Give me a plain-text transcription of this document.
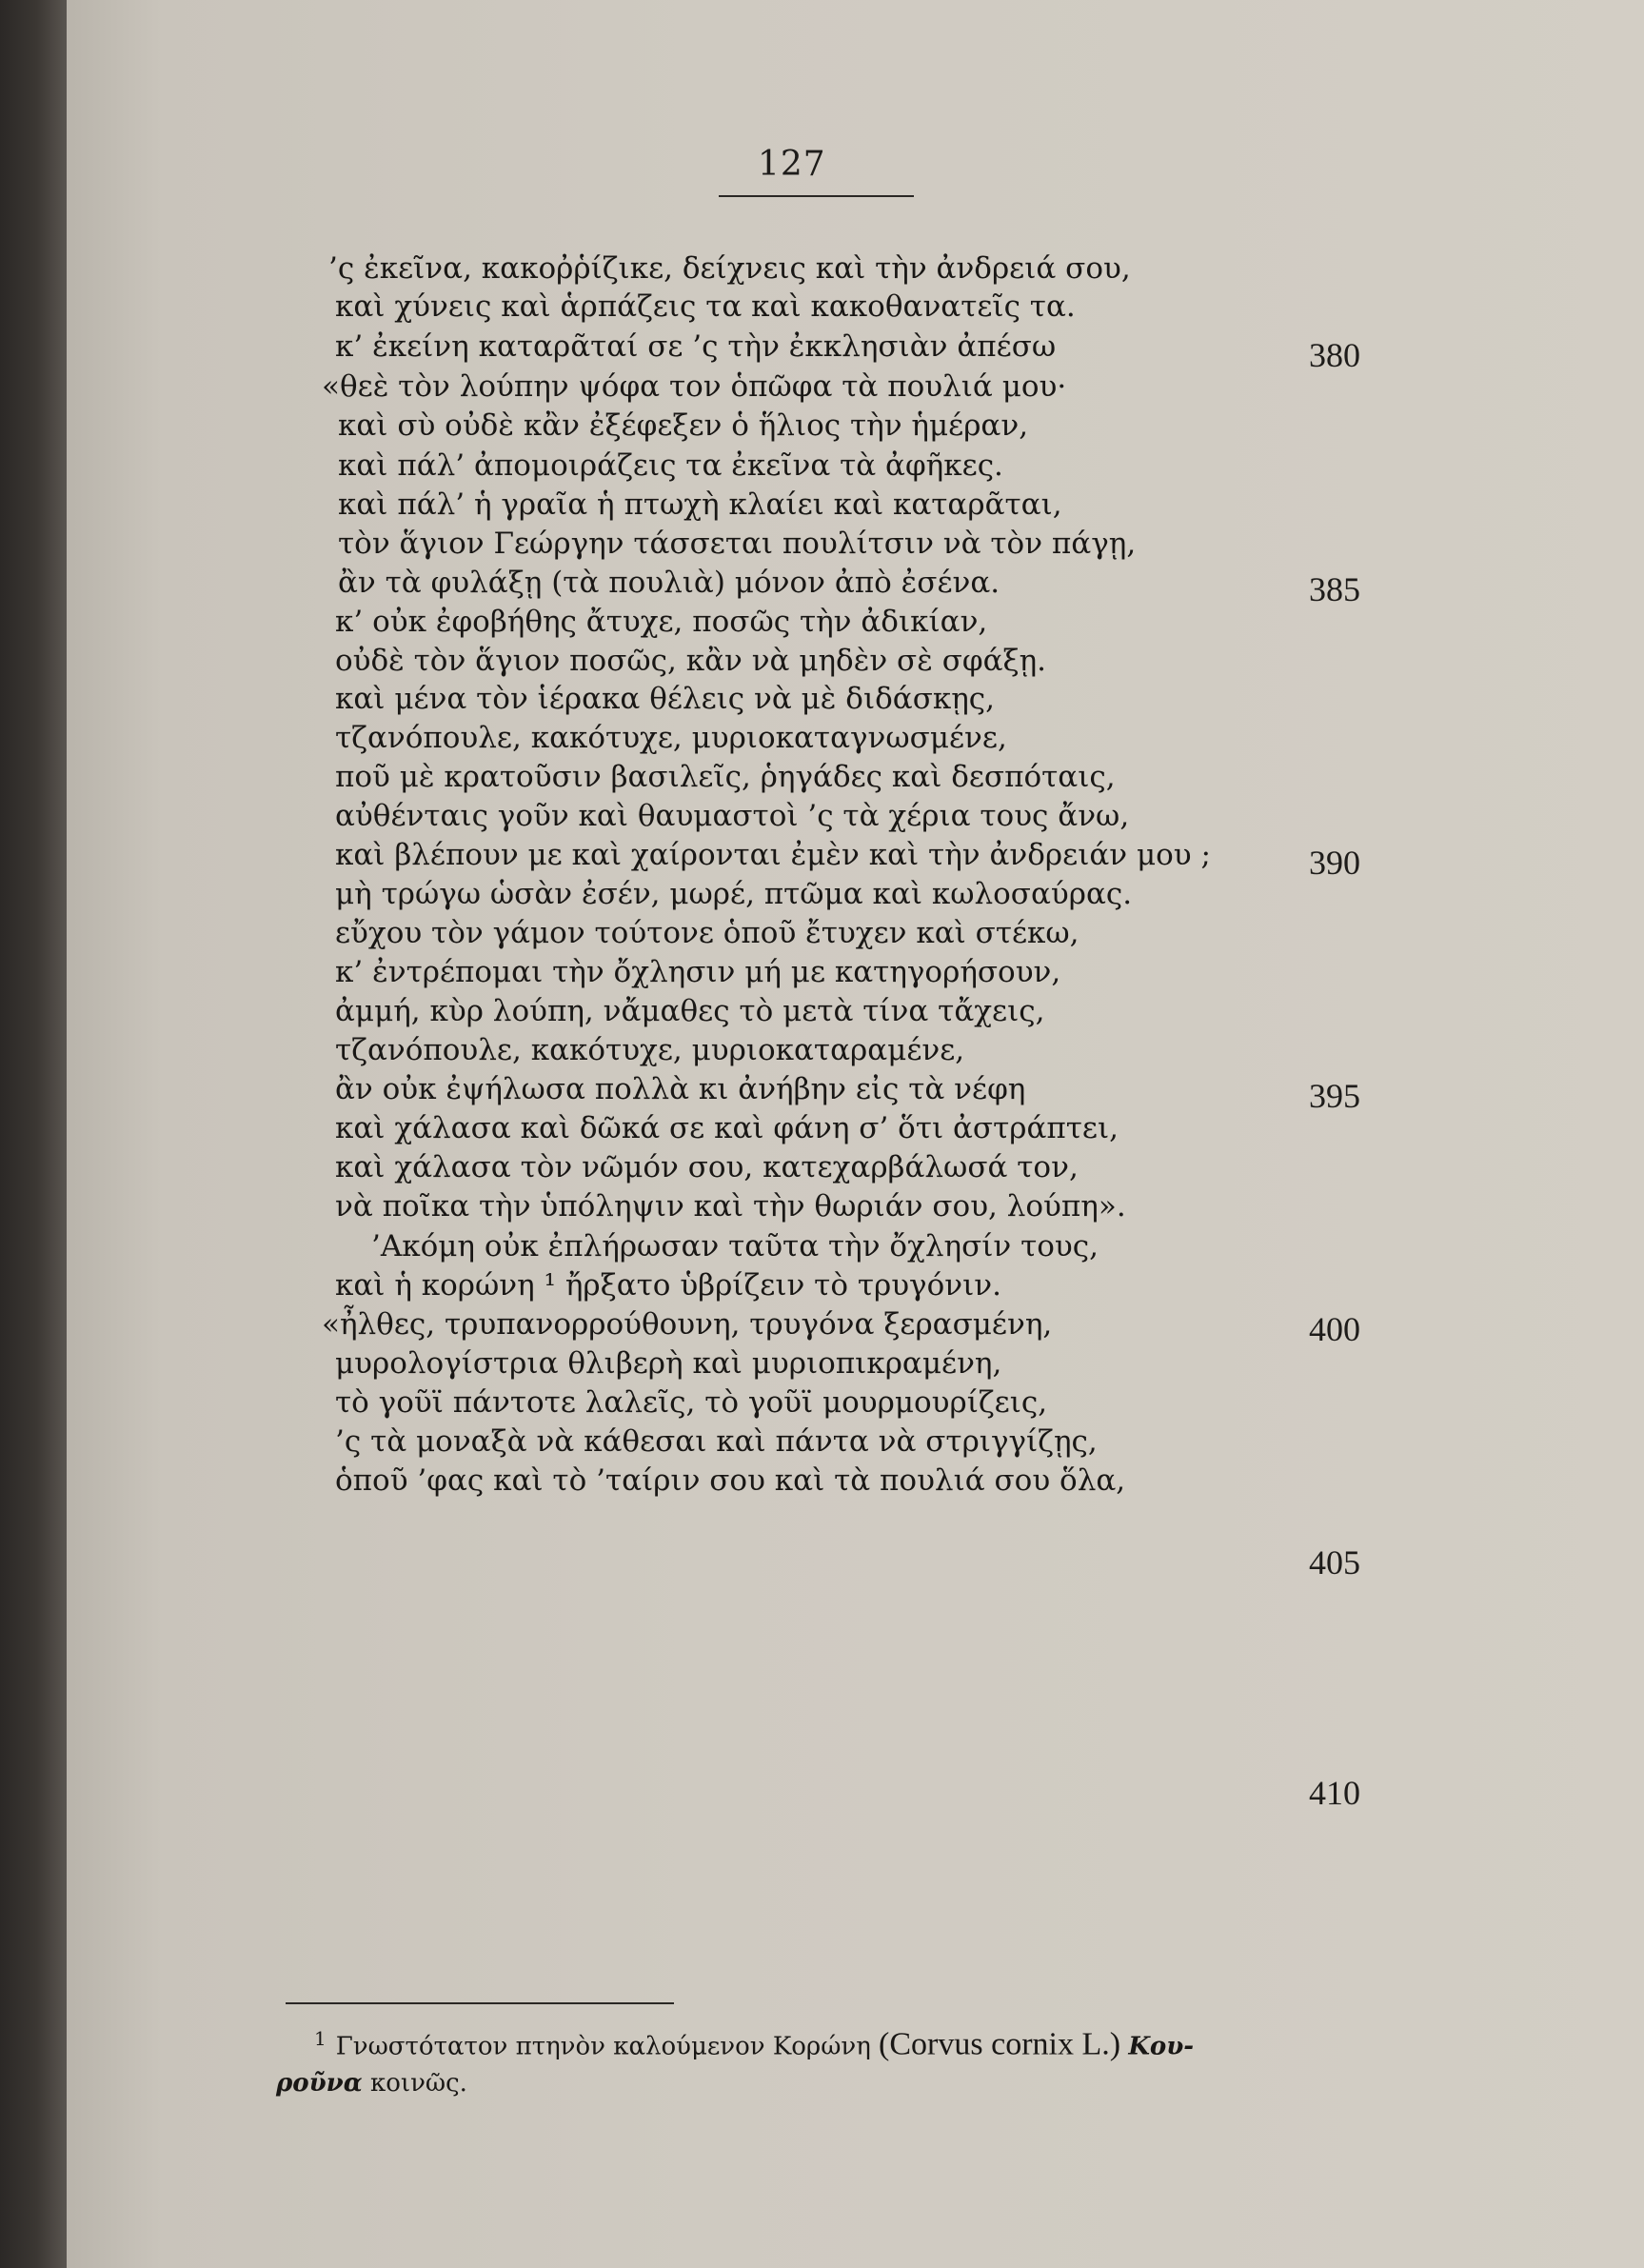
127
’ς ἐκεῖνα, κακοῤῥίζικε, δείχνεις καὶ τὴν ἀνδρειά σου,
καὶ χύνεις καὶ ἁρπάζεις τα καὶ κακοθανατεῖς τα.
κ’ ἐκείνη καταρᾶταί σε ’ς τὴν ἐκκλησιὰν ἀπέσω
«θεὲ τὸν λούπην ψόφα τον ὁπῶφα τὰ πουλιά μου·
καὶ σὺ οὐδὲ κἂν ἐξέφεξεν ὁ ἥλιος τὴν ἡμέραν,
καὶ πάλ’ ἀπομοιράζεις τα ἐκεῖνα τὰ ἀφῆκες.
καὶ πάλ’ ἡ γραῖα ἡ πτωχὴ κλαίει καὶ καταρᾶται,
τὸν ἅγιον Γεώργην τάσσεται πουλίτσιν νὰ τὸν πάγῃ,
ἂν τὰ φυλάξῃ (τὰ πουλιὰ) μόνον ἀπὸ ἐσένα.
κ’ οὐκ ἐφοβήθης ἄτυχε, ποσῶς τὴν ἀδικίαν,
οὐδὲ τὸν ἅγιον ποσῶς, κἂν νὰ μηδὲν σὲ σφάξῃ.
καὶ μένα τὸν ἱέρακα θέλεις νὰ μὲ διδάσκῃς,
τζανόπουλε, κακότυχε, μυριοκαταγνωσμένε,
ποῦ μὲ κρατοῦσιν βασιλεῖς, ῥηγάδες καὶ δεσπόταις,
αὐθένταις γοῦν καὶ θαυμαστοὶ ’ς τὰ χέρια τους ἄνω,
καὶ βλέπουν με καὶ χαίρονται ἐμὲν καὶ τὴν ἀνδρειάν μου ;
μὴ τρώγω ὡσὰν ἐσέν, μωρέ, πτῶμα καὶ κωλοσαύρας.
εὔχου τὸν γάμον τούτονε ὁποῦ ἔτυχεν καὶ στέκω,
κ’ ἐντρέπομαι τὴν ὄχλησιν μή με κατηγορήσουν,
ἀμμή, κὺρ λούπη, νἄμαθες τὸ μετὰ τίνα τἄχεις,
τζανόπουλε, κακότυχε, μυριοκαταραμένε,
ἂν οὐκ ἐψήλωσα πολλὰ κι ἀνήβην εἰς τὰ νέφη
καὶ χάλασα καὶ δῶκά σε καὶ φάνη σ’ ὅτι ἀστράπτει,
καὶ χάλασα τὸν νῶμόν σου, κατεχαρβάλωσά τον,
νὰ ποῖκα τὴν ὑπόληψιν καὶ τὴν θωριάν σου, λούπη».
’Ακόμη οὐκ ἐπλήρωσαν ταῦτα τὴν ὄχλησίν τους,
καὶ ἡ κορώνη ¹ ἤρξατο ὑβρίζειν τὸ τρυγόνιν.
«ἦλθες, τρυπανορρούθουνη, τρυγόνα ξερασμένη,
μυρολογίστρια θλιβερὴ καὶ μυριοπικραμένη,
τὸ γοῦϊ πάντοτε λαλεῖς, τὸ γοῦϊ μουρμουρίζεις,
’ς τὰ μοναξὰ νὰ κάθεσαι καὶ πάντα νὰ στριγγίζῃς,
ὁποῦ ’φας καὶ τὸ ’ταίριν σου καὶ τὰ πουλιά σου ὅλα,
380
385
390
395
400
405
410
$^1$ Γνωστότατον πτηνὸν καλούμενον Κορώνη (Corvus cornix L.) Κου-
ροῦνα κοινῶς.
